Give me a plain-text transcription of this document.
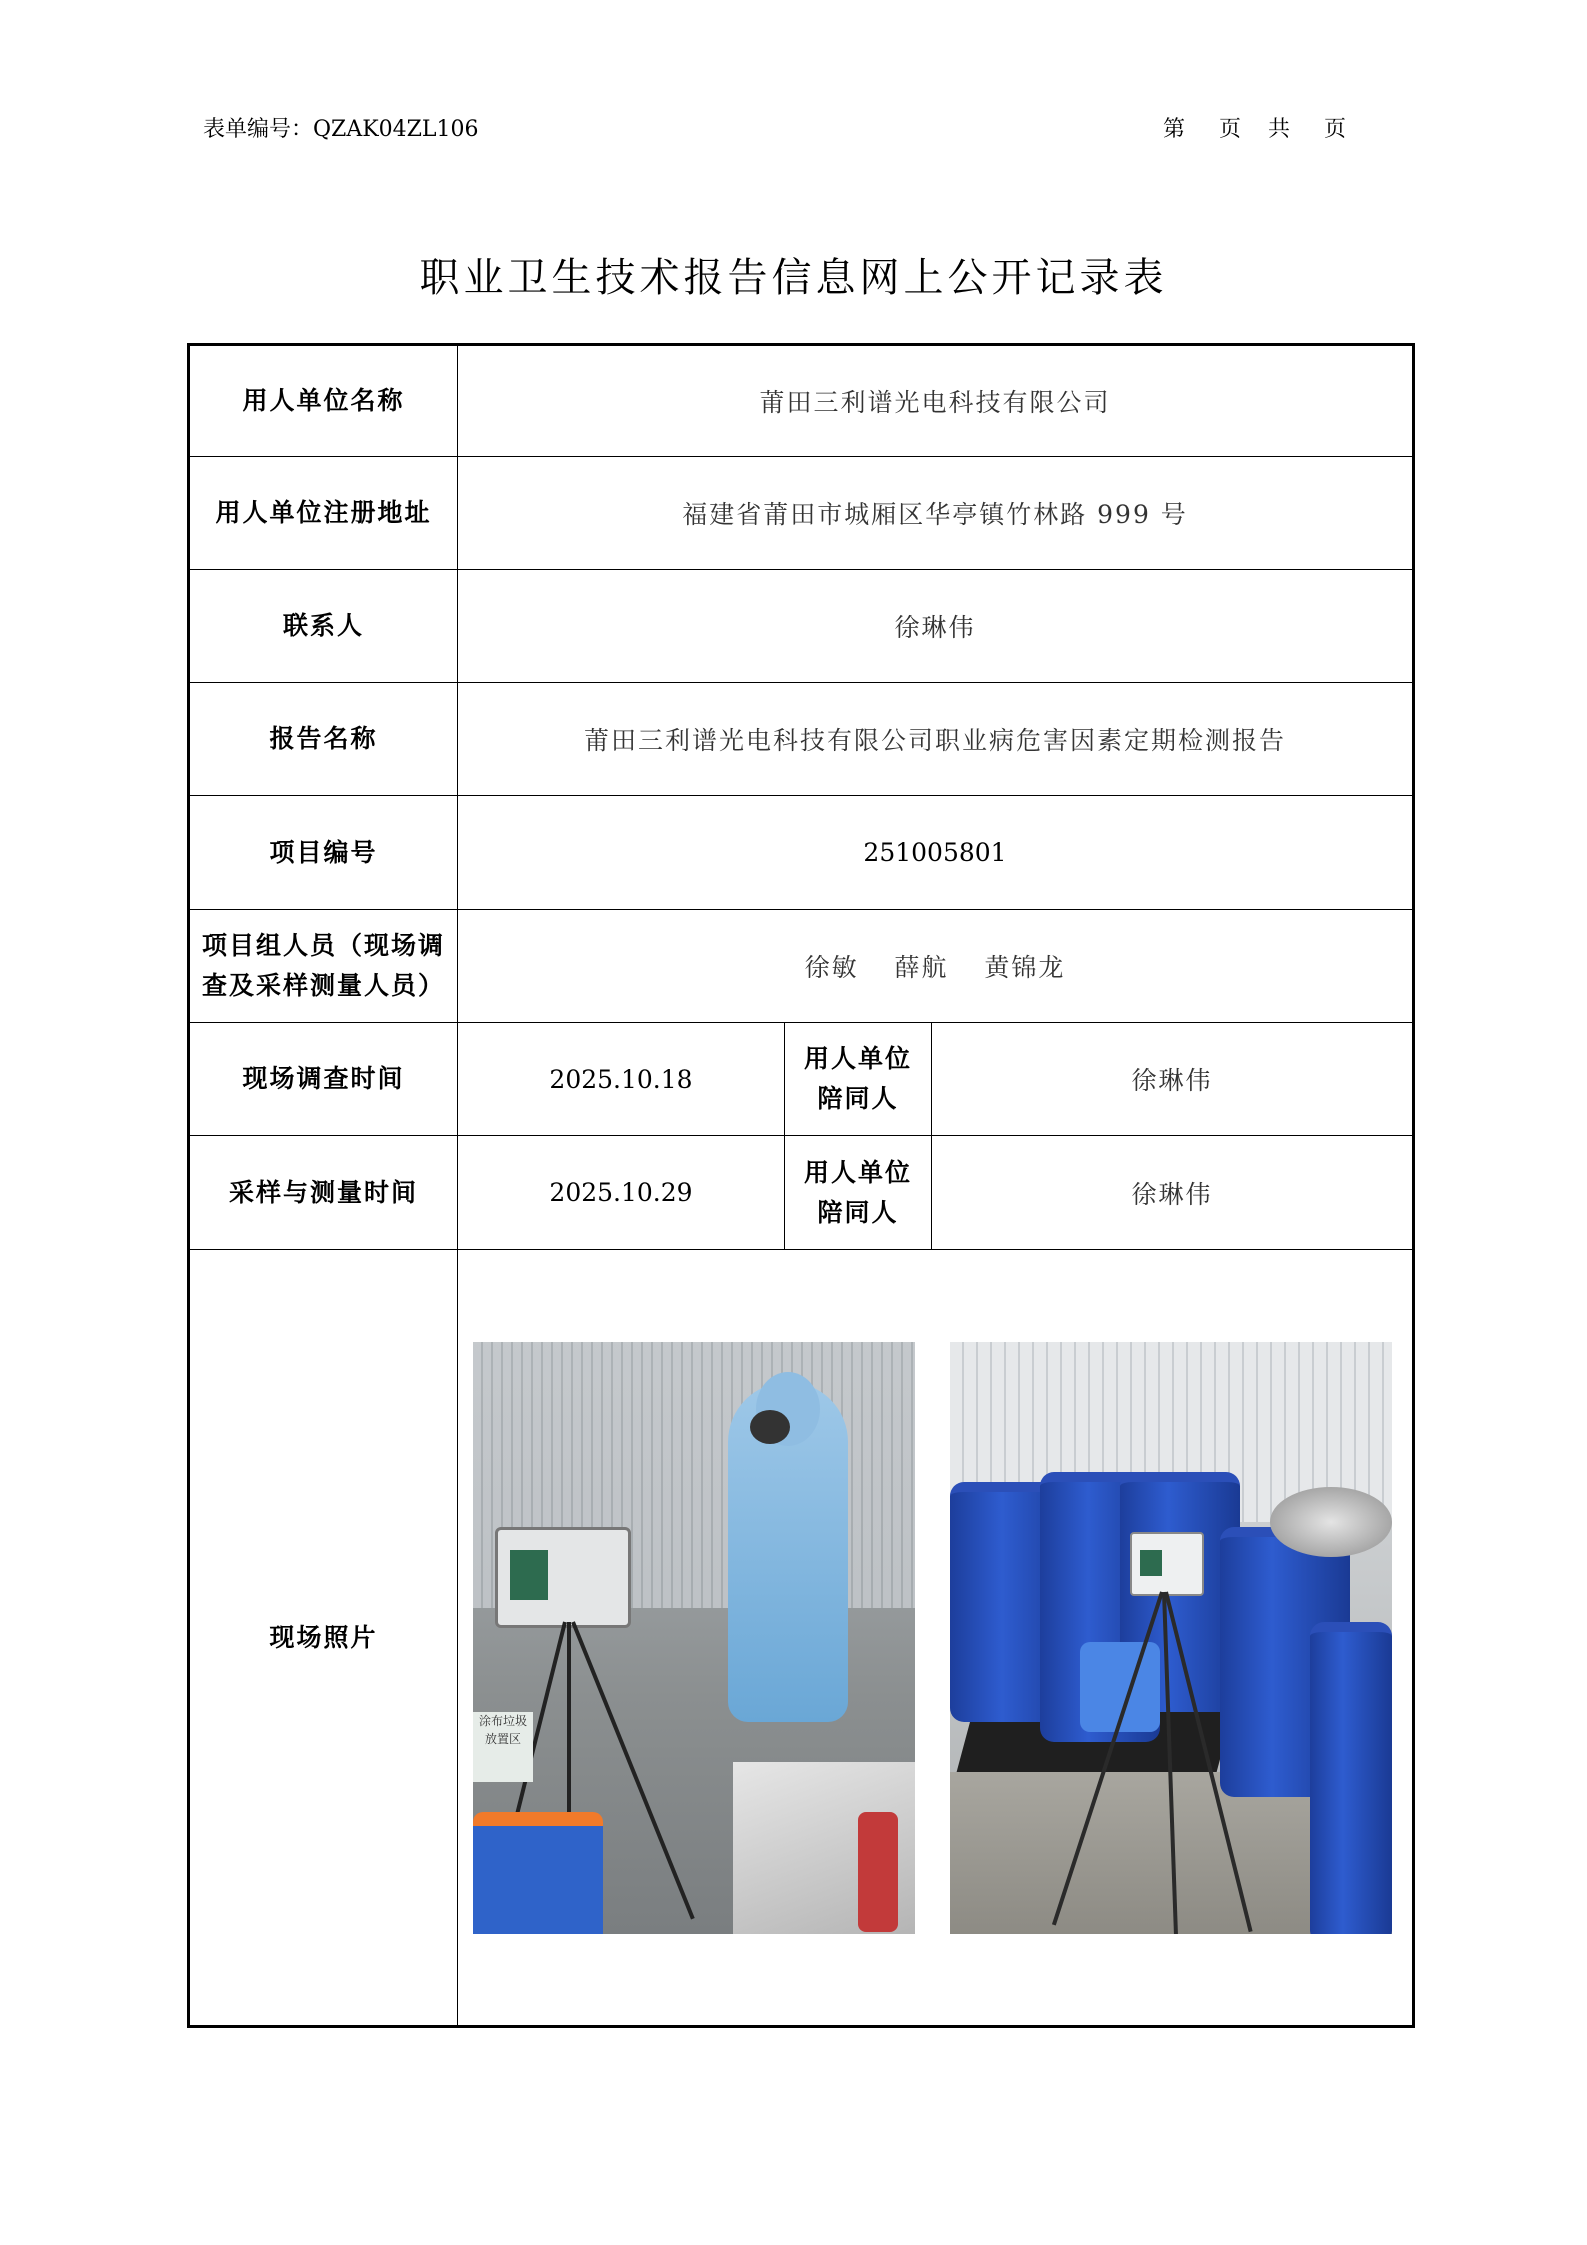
表单编号：QZAK04ZL106	第 页 共 页
职业卫生技术报告信息网上公开记录表
用人单位名称	莆田三利谱光电科技有限公司		
用人单位注册地址	福建省莆田市城厢区华亭镇竹林路 999 号		
联系人	徐琳伟		
报告名称	莆田三利谱光电科技有限公司职业病危害因素定期检测报告		
项目编号	251005801		

项目组人员（现场调
查及采样测量人员）	徐敏  薛航  黄锦龙		
现场调查时间	2025.10.18	用人单位
陪同人	徐琳伟
采样与测量时间	2025.10.29	用人单位
陪同人	徐琳伟
现场照片	涂布垃圾
放置区		
